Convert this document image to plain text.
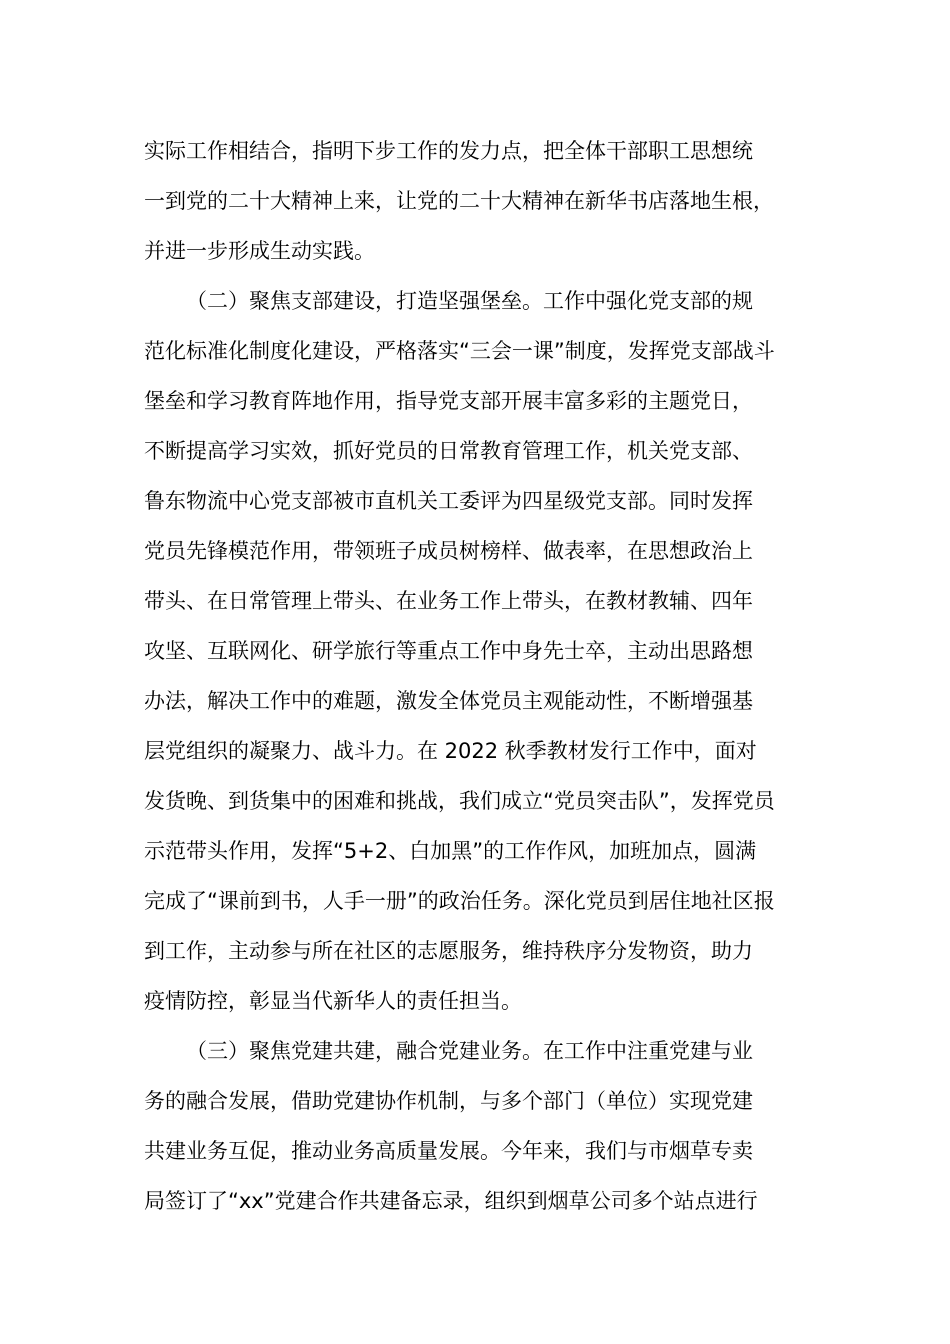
实际工作相结合，指明下步工作的发力点，把全体干部职工思想统
一到党的二十大精神上来，让党的二十大精神在新华书店落地生根，
并进一步形成生动实践。
（二）聚焦支部建设，打造坚强堡垒。工作中强化党支部的规
范化标准化制度化建设，严格落实“三会一课”制度，发挥党支部战斗
堡垒和学习教育阵地作用，指导党支部开展丰富多彩的主题党日，
不断提高学习实效，抓好党员的日常教育管理工作，机关党支部、
鲁东物流中心党支部被市直机关工委评为四星级党支部。同时发挥
党员先锋模范作用，带领班子成员树榜样、做表率，在思想政治上
带头、在日常管理上带头、在业务工作上带头，在教材教辅、四年
攻坚、互联网化、研学旅行等重点工作中身先士卒，主动出思路想
办法，解决工作中的难题，激发全体党员主观能动性，不断增强基
层党组织的凝聚力、战斗力。在 2022 秋季教材发行工作中，面对
发货晚、到货集中的困难和挑战，我们成立“党员突击队”，发挥党员
示范带头作用，发挥“5+2、白加黑”的工作作风，加班加点，圆满
完成了“课前到书，人手一册”的政治任务。深化党员到居住地社区报
到工作，主动参与所在社区的志愿服务，维持秩序分发物资，助力
疫情防控，彰显当代新华人的责任担当。
（三）聚焦党建共建，融合党建业务。在工作中注重党建与业
务的融合发展，借助党建协作机制，与多个部门（单位）实现党建
共建业务互促，推动业务高质量发展。今年来，我们与市烟草专卖
局签订了“xx”党建合作共建备忘录，组织到烟草公司多个站点进行
